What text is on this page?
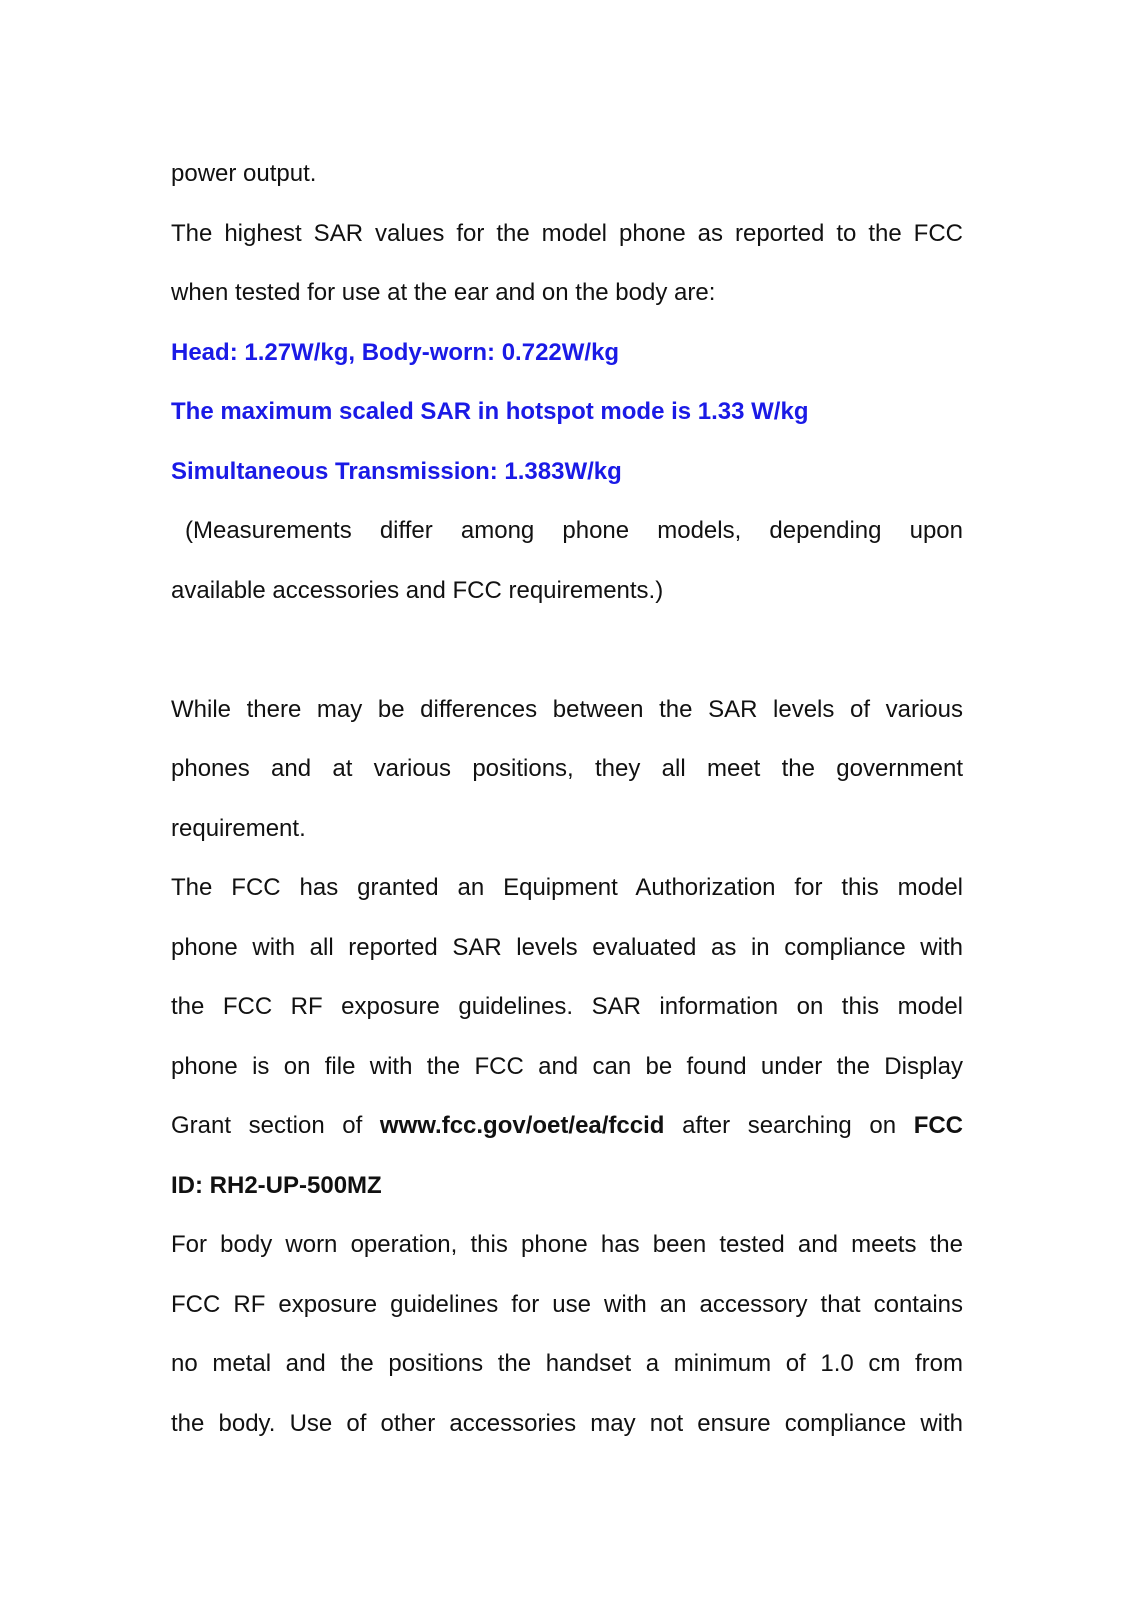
power output.
The highest SAR values for the model phone as reported to the FCC
when tested for use at the ear and on the body are:
Head: 1.27W/kg, Body-worn: 0.722W/kg
The maximum scaled SAR in hotspot mode is 1.33 W/kg
Simultaneous Transmission: 1.383W/kg
(Measurements differ among phone models, depending upon
available accessories and FCC requirements.)
While there may be differences between the SAR levels of various
phones and at various positions, they all meet the government
requirement.
The FCC has granted an Equipment Authorization for this model
phone with all reported SAR levels evaluated as in compliance with
the FCC RF exposure guidelines. SAR information on this model
phone is on file with the FCC and can be found under the Display
Grant section of www.fcc.gov/oet/ea/fccid after searching on FCC
ID: RH2-UP-500MZ
For body worn operation, this phone has been tested and meets the
FCC RF exposure guidelines for use with an accessory that contains
no metal and the positions the handset a minimum of 1.0 cm from
the body. Use of other accessories may not ensure compliance with
